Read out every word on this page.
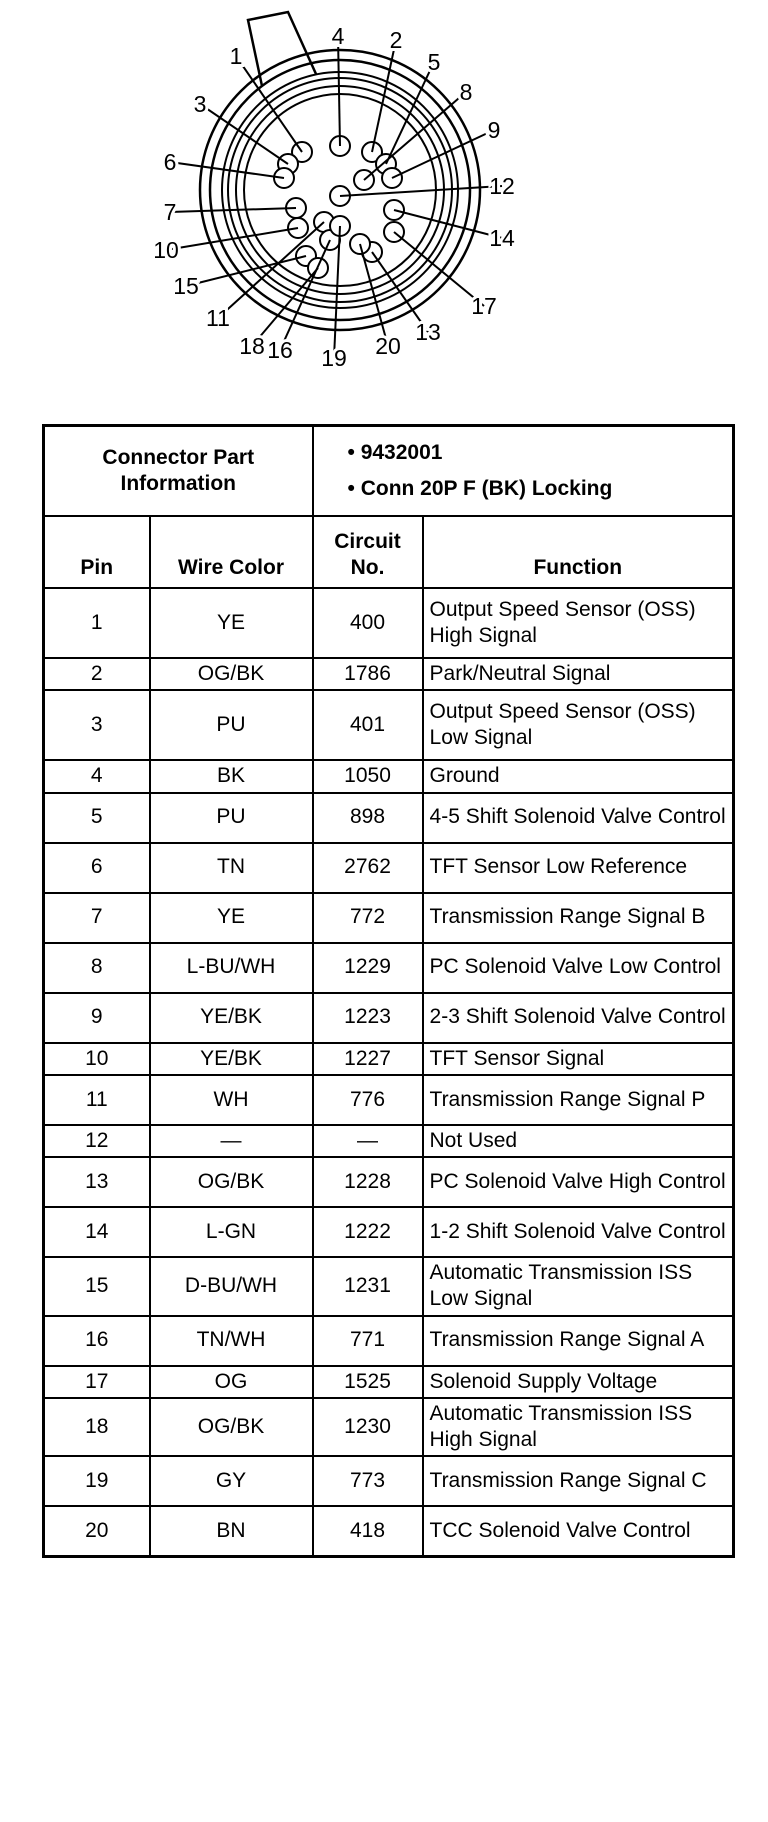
1
2
3
4
5
6
7
8
9
10
11
12
13
14
15
16
17
18 19 20
Connector Part Information		• 9432001
• Conn 20P F (BK) Locking	

Pin	Wire Color	Circuit No.	Function
1	YE	400	Output Speed Sensor (OSS) High Signal
2	OG/BK	1786	Park/Neutral Signal
3	PU	401	Output Speed Sensor (OSS) Low Signal
4	BK	1050	Ground
5	PU	898	4-5 Shift Solenoid Valve Control
6	TN	2762	TFT Sensor Low Reference
7	YE	772	Transmission Range Signal B
8	L-BU/WH	1229	PC Solenoid Valve Low Control
9	YE/BK	1223	2-3 Shift Solenoid Valve Control
10	YE/BK	1227	TFT Sensor Signal
11	WH	776	Transmission Range Signal P
12	—	—	Not Used
13	OG/BK	1228	PC Solenoid Valve High Control
14	L-GN	1222	1-2 Shift Solenoid Valve Control
15	D-BU/WH	1231	Automatic Transmission ISS Low Signal
16	TN/WH	771	Transmission Range Signal A
17	OG	1525	Solenoid Supply Voltage
18	OG/BK	1230	Automatic Transmission ISS High Signal
19	GY	773	Transmission Range Signal C
20	BN	418	TCC Solenoid Valve Control
